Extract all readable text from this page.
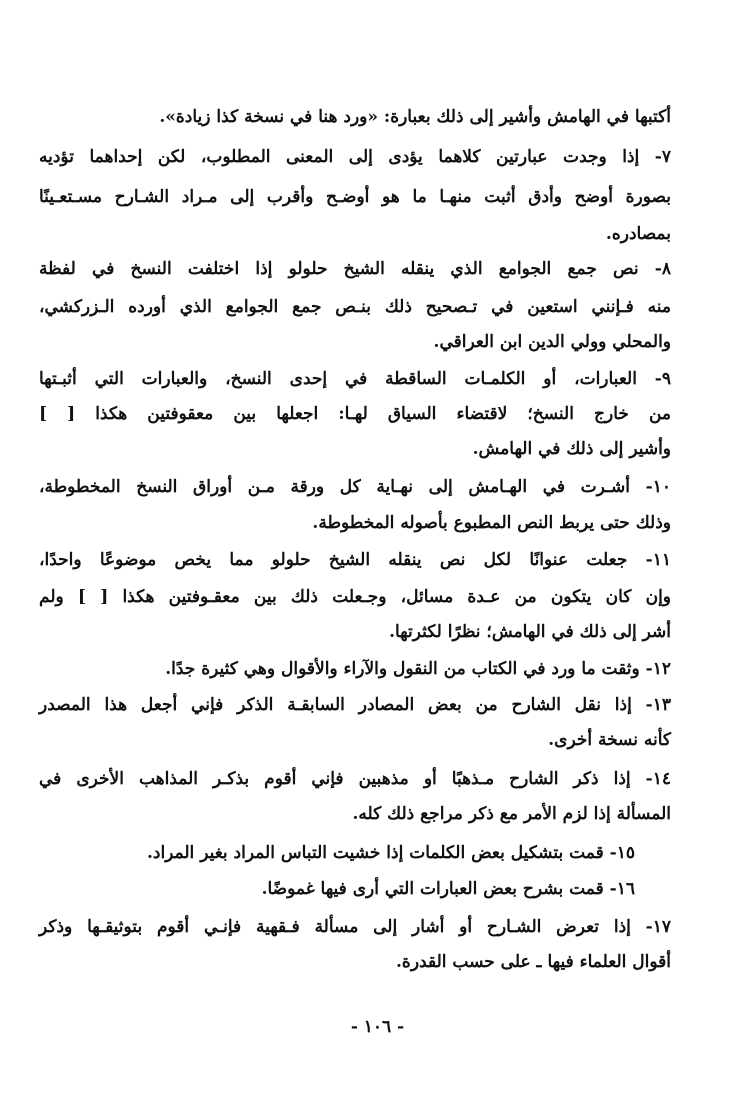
أكتبها في الهامش وأشير إلى ذلك بعبارة: «ورد هنا في نسخة كذا زيادة».
٧- إذا وجدت عبارتين كلاهما يؤدى إلى المعنى المطلوب، لكن إحداهما تؤديه
بصورة أوضح وأدق أثبت منهـا ما هو أوضـح وأقرب إلى مـراد الشـارح مسـتعـينًا
بمصادره.
٨- نص جمع الجوامع الذي ينقله الشيخ حلولو إذا اختلفت النسخ في لفظة
منه فـإنني استعين في تـصحيح ذلك بنـص جمع الجوامع الذي أورده الـزركشي،
والمحلي وولي الدين ابن العراقي.
٩- العبارات، أو الكلمـات الساقطة في إحدى النسخ، والعبارات التي أثبـتها
من خارج النسخ؛ لاقتضاء السياق لهـا: اجعلها بين معقوفتين هكذا [ ]
وأشير إلى ذلك في الهامش.
١٠- أشـرت في الهـامش إلى نهـاية كل ورقة مـن أوراق النسخ المخطوطة،
وذلك حتى يربط النص المطبوع بأصوله المخطوطة.
١١- جعلت عنوانًا لكل نص ينقله الشيخ حلولو مما يخص موضوعًا واحدًا،
وإن كان يتكون من عـدة مسائل، وجـعلت ذلك بين معقـوفتين هكذا [ ] ولم
أشر إلى ذلك في الهامش؛ نظرًا لكثرتها.
١٢- وثقت ما ورد في الكتاب من النقول والآراء والأقوال وهي كثيرة جدًا.
١٣- إذا نقل الشارح من بعض المصادر السابقـة الذكر فإني أجعل هذا المصدر
كأنه نسخة أخرى.
١٤- إذا ذكر الشارح مـذهبًا أو مذهبين فإني أقوم بذكـر المذاهب الأخرى في
المسألة إذا لزم الأمر مع ذكر مراجع ذلك كله.
١٥- قمت بتشكيل بعض الكلمات إذا خشيت التباس المراد بغير المراد.
١٦- قمت بشرح بعض العبارات التي أرى فيها غموضًا.
١٧- إذا تعرض الشـارح أو أشار إلى مسألة فـقهية فإنـي أقوم بتوثيقـها وذكر
أقوال العلماء فيها ـ على حسب القدرة.
- ١٠٦ -
